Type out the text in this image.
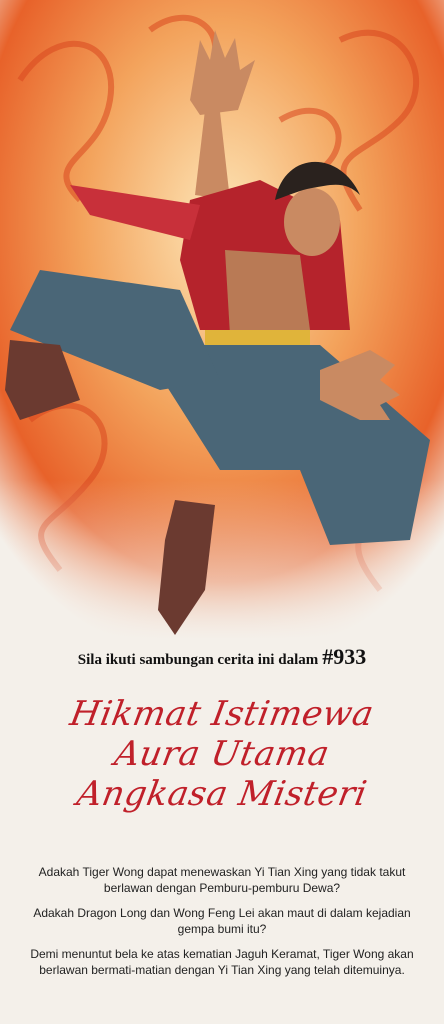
Sila ikuti sambungan cerita ini dalam #933
Hikmat Istimewa
Aura Utama
Angkasa Misteri

Adakah Tiger Wong dapat menewaskan Yi Tian Xing yang tidak takut berlawan dengan Pemburu-pemburu Dewa?

Adakah Dragon Long dan Wong Feng Lei akan maut di dalam kejadian gempa bumi itu?

Demi menuntut bela ke atas kematian Jaguh Keramat, Tiger Wong akan berlawan bermati-matian dengan Yi Tian Xing yang telah ditemuinya.
